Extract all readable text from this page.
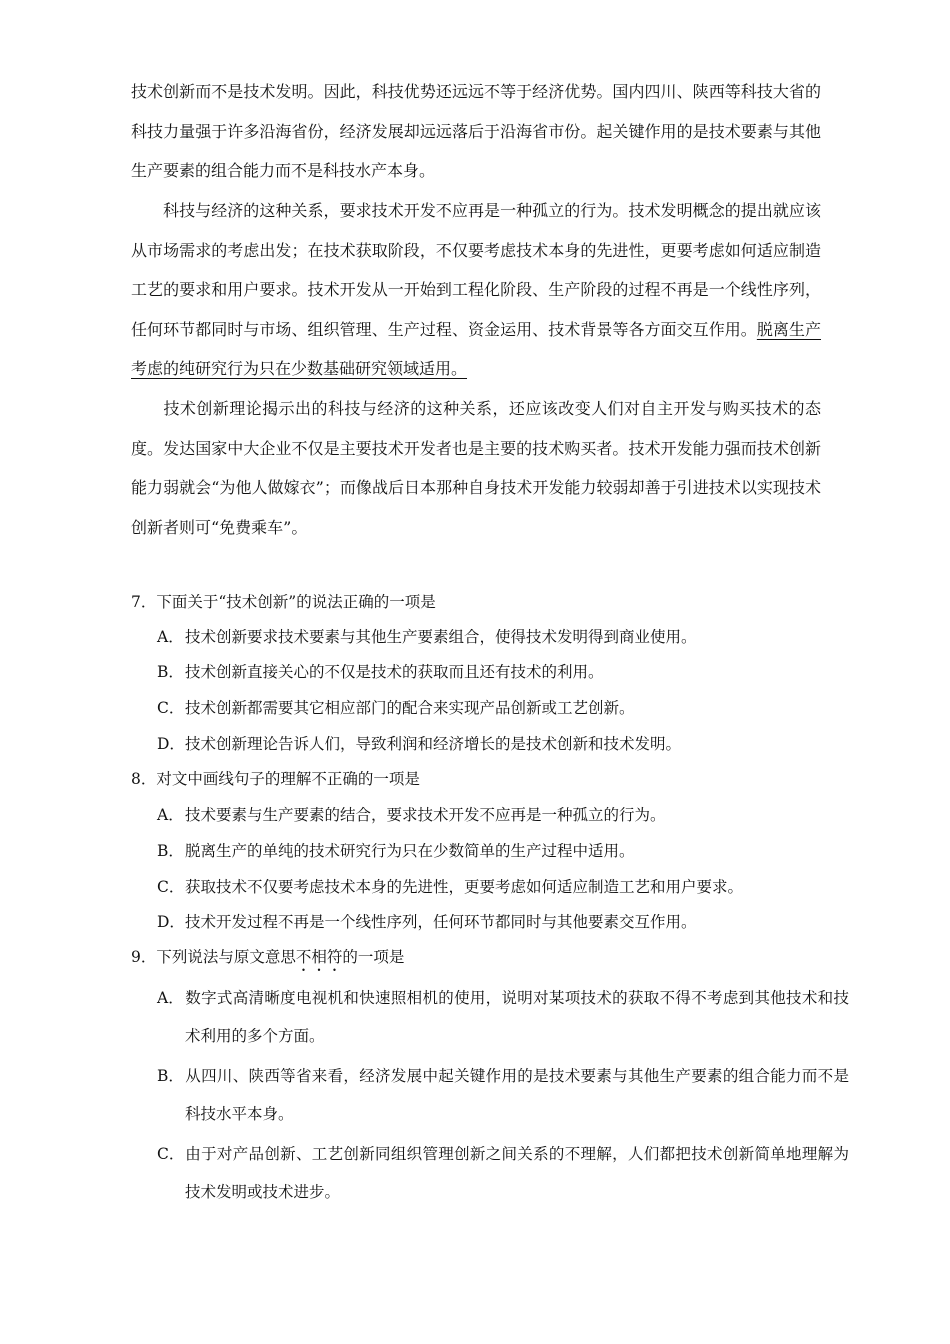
技术创新而不是技术发明。因此，科技优势还远远不等于经济优势。国内四川、陕西等科技大省的科技力量强于许多沿海省份，经济发展却远远落后于沿海省市份。起关键作用的是技术要素与其他生产要素的组合能力而不是科技水产本身。

科技与经济的这种关系，要求技术开发不应再是一种孤立的行为。技术发明概念的提出就应该从市场需求的考虑出发；在技术获取阶段，不仅要考虑技术本身的先进性，更要考虑如何适应制造工艺的要求和用户要求。技术开发从一开始到工程化阶段、生产阶段的过程不再是一个线性序列，任何环节都同时与市场、组织管理、生产过程、资金运用、技术背景等各方面交互作用。脱离生产考虑的纯研究行为只在少数基础研究领域适用。

技术创新理论揭示出的科技与经济的这种关系，还应该改变人们对自主开发与购买技术的态度。发达国家中大企业不仅是主要技术开发者也是主要的技术购买者。技术开发能力强而技术创新能力弱就会“为他人做嫁衣”；而像战后日本那种自身技术开发能力较弱却善于引进技术以实现技术创新者则可“免费乘车”。

7．下面关于“技术创新”的说法正确的一项是

A．技术创新要求技术要素与其他生产要素组合，使得技术发明得到商业使用。

B．技术创新直接关心的不仅是技术的获取而且还有技术的利用。

C．技术创新都需要其它相应部门的配合来实现产品创新或工艺创新。

D．技术创新理论告诉人们，导致利润和经济增长的是技术创新和技术发明。

8．对文中画线句子的理解不正确的一项是

A．技术要素与生产要素的结合，要求技术开发不应再是一种孤立的行为。

B．脱离生产的单纯的技术研究行为只在少数简单的生产过程中适用。

C．获取技术不仅要考虑技术本身的先进性，更要考虑如何适应制造工艺和用户要求。

D．技术开发过程不再是一个线性序列，任何环节都同时与其他要素交互作用。

9．下列说法与原文意思不相符的一项是

A．数字式高清晰度电视机和快速照相机的使用，说明对某项技术的获取不得不考虑到其他技术和技术利用的多个方面。

B．从四川、陕西等省来看，经济发展中起关键作用的是技术要素与其他生产要素的组合能力而不是科技水平本身。

C．由于对产品创新、工艺创新同组织管理创新之间关系的不理解，人们都把技术创新简单地理解为技术发明或技术进步。
